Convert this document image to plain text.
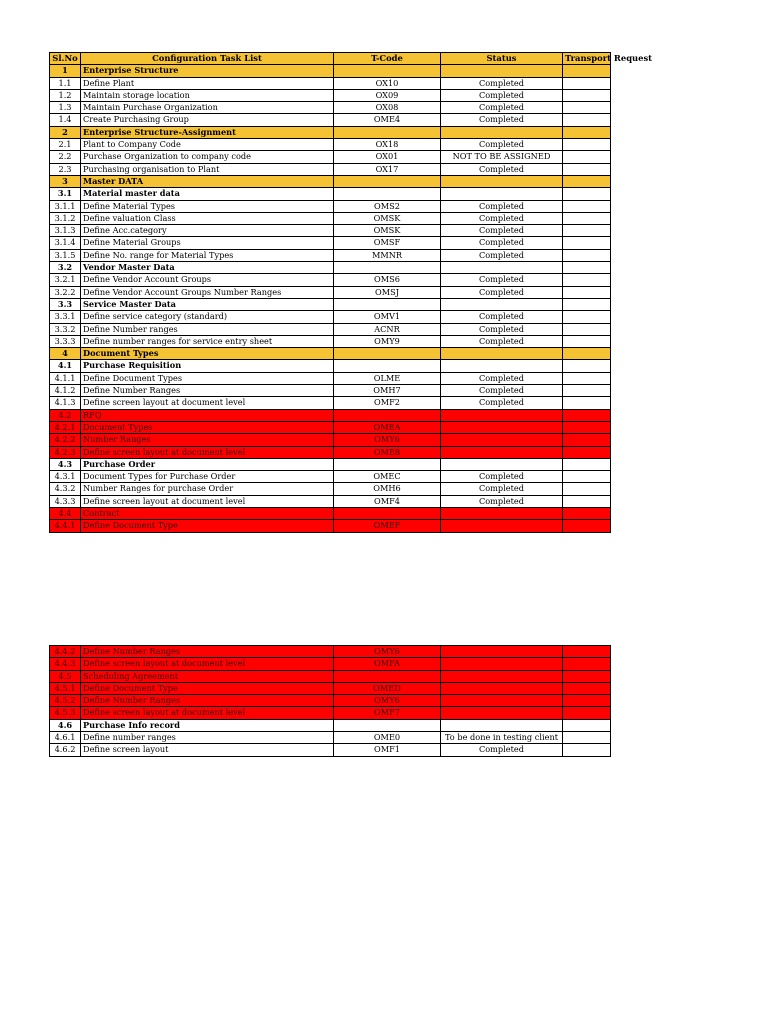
Sl.No	Configuration Task List	T-Code	Status	Transport Request
1	Enterprise Structure			
1.1	Define Plant	OX10	Completed	
1.2	Maintain storage location	OX09	Completed	
1.3	Maintain Purchase Organization	OX08	Completed	
1.4	Create Purchasing Group	OME4	Completed	
2	Enterprise Structure-Assignment			
2.1	Plant to Company Code	OX18	Completed	
2.2	Purchase Organization to company code	OX01	NOT TO BE ASSIGNED	
2.3	Purchasing organisation to Plant	OX17	Completed	
3	Master DATA			
3.1	Material master data			
3.1.1	Define Material Types	OMS2	Completed	
3.1.2	Define valuation Class	OMSK	Completed	
3.1.3	Define Acc.category	OMSK	Completed	
3.1.4	Define Material Groups	OMSF	Completed	
3.1.5	Define No. range for Material Types	MMNR	Completed	
3.2	Vendor Master Data			
3.2.1	Define Vendor Account Groups	OMS6	Completed	
3.2.2	Define Vendor Account Groups Number Ranges	OMSJ	Completed	
3.3	Service Master Data			
3.3.1	Define service category (standard)	OMV1	Completed	
3.3.2	Define Number ranges	ACNR	Completed	
3.3.3	Define number ranges for service entry sheet	OMY9	Completed	
4	Document Types			
4.1	Purchase Requisition			
4.1.1	Define Document Types	OLME	Completed	
4.1.2	Define Number Ranges	OMH7	Completed	
4.1.3	Define screen layout at document level	OMF2	Completed	
4.2	RFQ			
4.2.1	Document Types	OMEA		
4.2.2	Number Ranges	OMY6		
4.2.3	Define screen layout at document level	OME8		
4.3	Purchase Order			
4.3.1	Document Types for Purchase Order	OMEC	Completed	
4.3.2	Number Ranges for purchase Order	OMH6	Completed	
4.3.3	Define screen layout at document level	OMF4	Completed	
4.4	Contract			
4.4.1	Define Document Type	OMEF		
4.4.2	Define Number Ranges	OMY6		
4.4.3	Define screen layout at document level	OMFA		
4.5	Scheduling Agreement			
4.5.1	Define Document Type	OMED		
4.5.2	Define Number Ranges	OMY6		
4.5.3	Define screen layout at document level	OMF7		
4.6	Purchase Info record			
4.6.1	Define number ranges	OME0	To be done in testing client	
4.6.2	Define screen layout	OMF1	Completed	
